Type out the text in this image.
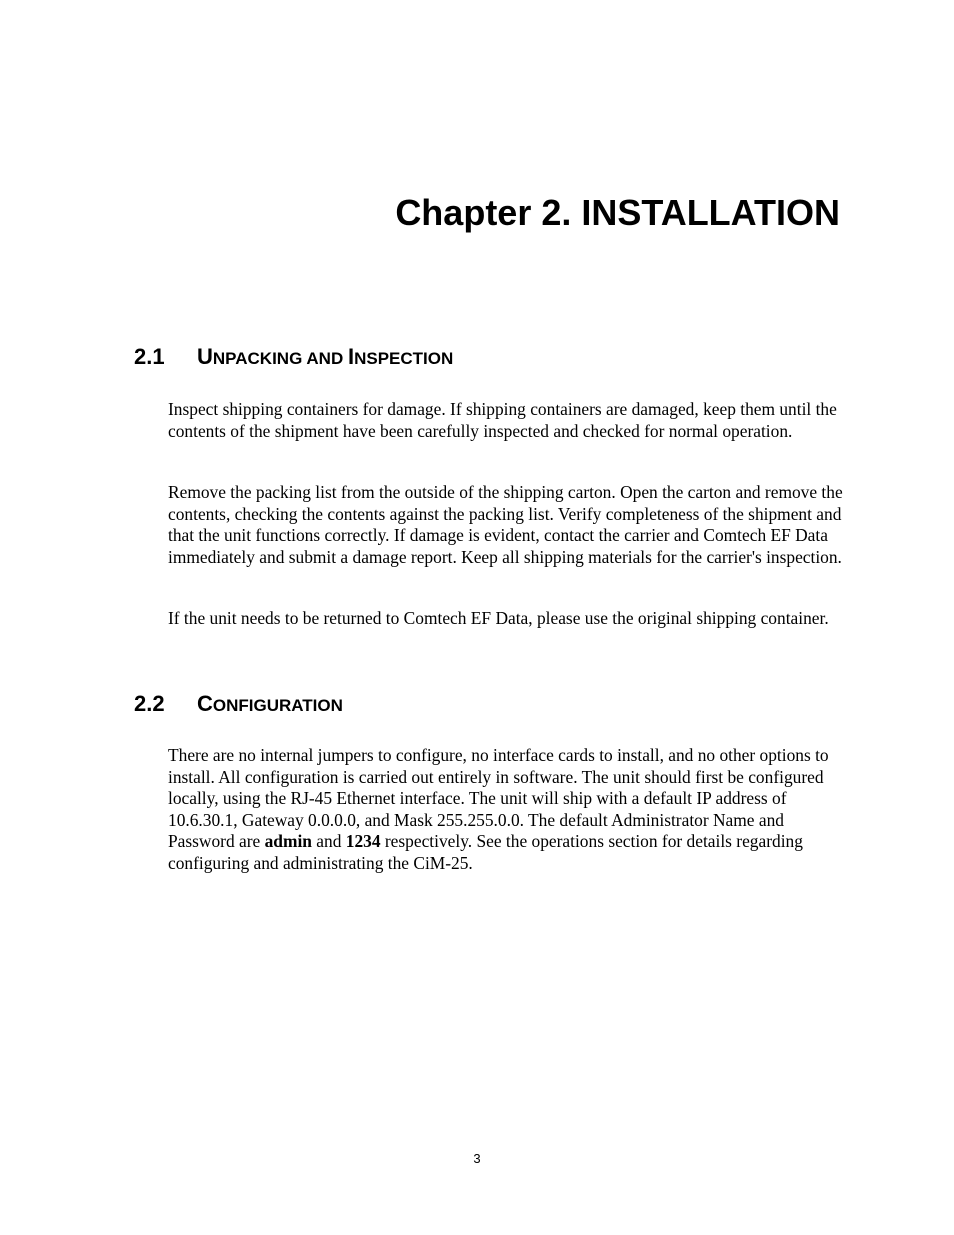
Chapter 2. INSTALLATION
2.1 UNPACKING AND INSPECTION

Inspect shipping containers for damage. If shipping containers are damaged, keep them until the contents of the shipment have been carefully inspected and checked for normal operation.

Remove the packing list from the outside of the shipping carton. Open the carton and remove the contents, checking the contents against the packing list. Verify completeness of the shipment and that the unit functions correctly. If damage is evident, contact the carrier and Comtech EF Data immediately and submit a damage report. Keep all shipping materials for the carrier's inspection.

If the unit needs to be returned to Comtech EF Data, please use the original shipping container.

2.2 CONFIGURATION

There are no internal jumpers to configure, no interface cards to install, and no other options to install. All configuration is carried out entirely in software. The unit should first be configured locally, using the RJ-45 Ethernet interface. The unit will ship with a default IP address of 10.6.30.1, Gateway 0.0.0.0, and Mask 255.255.0.0. The default Administrator Name and Password are admin and 1234 respectively. See the operations section for details regarding configuring and administrating the CiM-25.

3
